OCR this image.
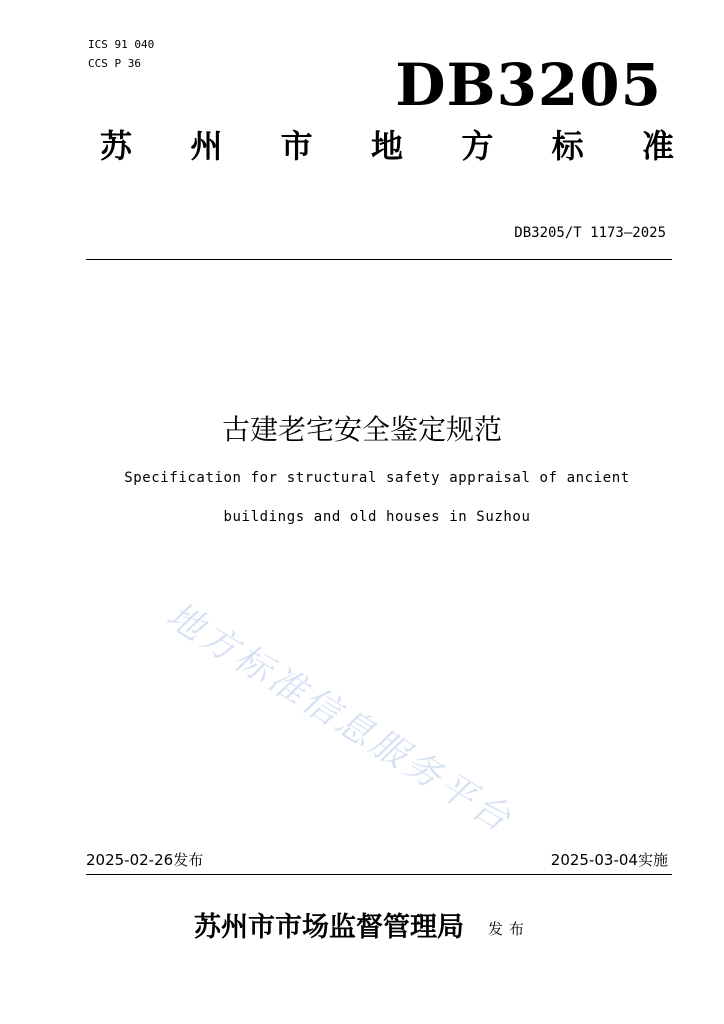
ICS 91 040
CCS P 36	DB3205
苏 州 市 地 方 标 准
DB3205/T 1173—2025
古建老宅安全鉴定规范
Specification for structural safety appraisal of ancient
buildings and old houses in Suzhou
地方标准信息服务平台
2025-02-26发布	2025-03-04实施
苏州市市场监督管理局 发布
